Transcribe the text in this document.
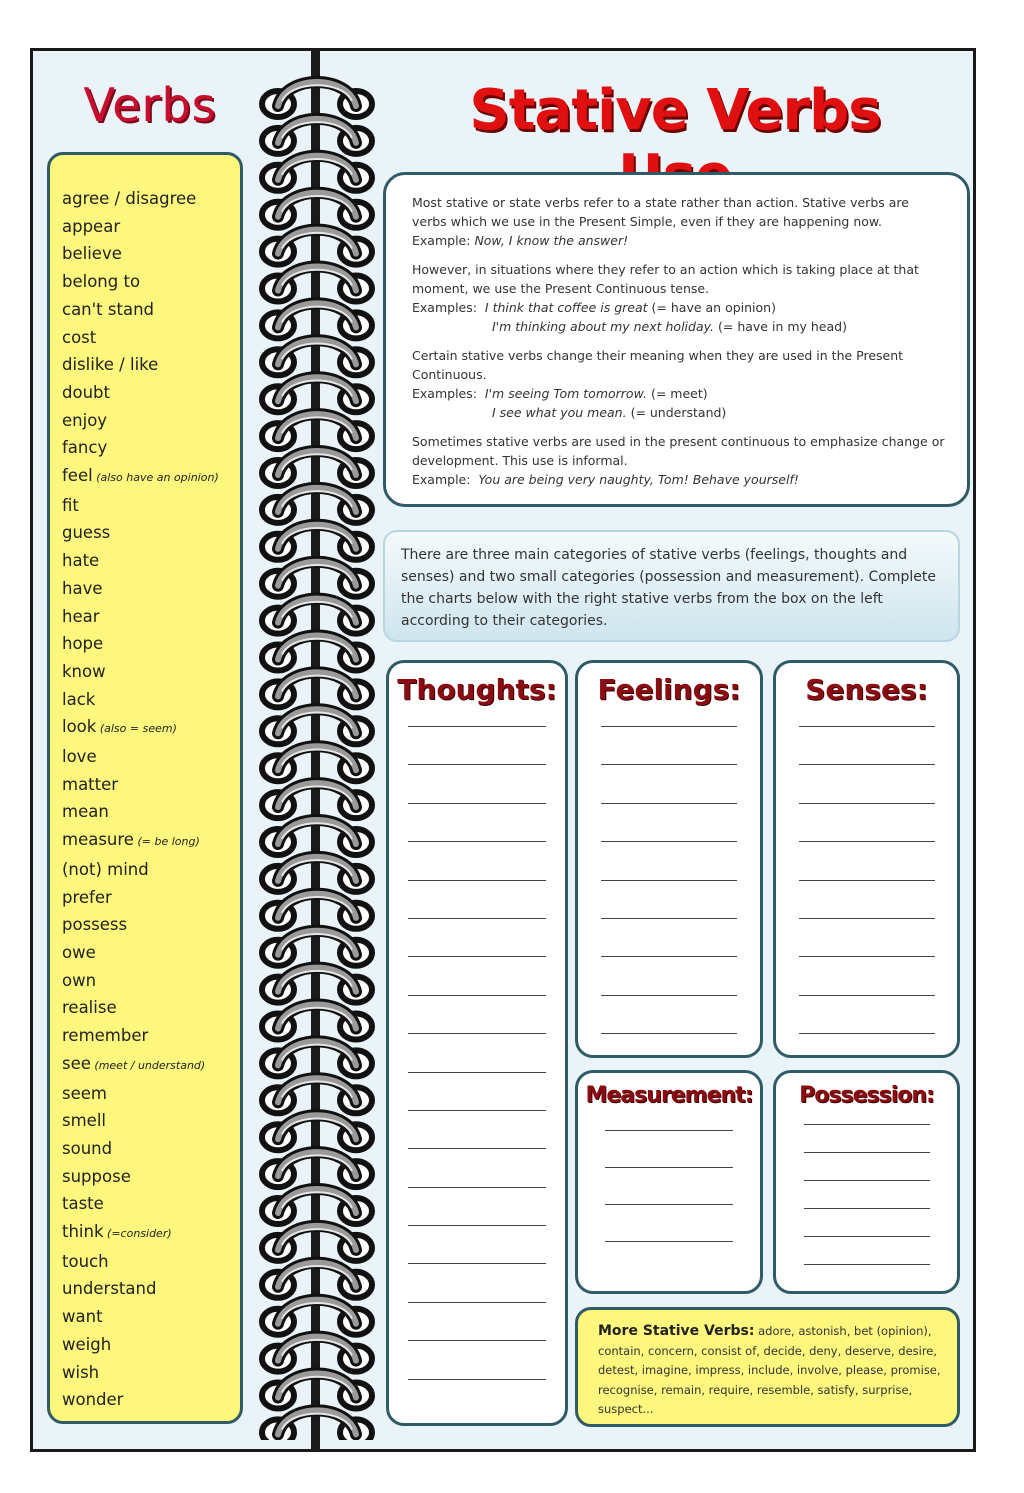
Verbs
agree / disagree
appear
believe
belong to
can't stand
cost
dislike / like
doubt
enjoy
fancy
feel (also have an opinion)
fit
guess
hate
have
hear
hope
know
lack
look (also = seem)
love
matter
mean
measure (= be long)
(not) mind
prefer
possess
owe
own
realise
remember
see (meet / understand)
seem
smell
sound
suppose
taste
think (=consider)
touch
understand
want
weigh
wish
wonder
Stative Verbs

Most stative or state verbs refer to a state rather than action. Stative verbs are verbs which we use in the Present Simple, even if they are happening now.    Example: Now, I know the answer!

However, in situations where they refer to an action which is taking place at that moment, we use the Present Continuous tense.

Examples: I think that coffee is great (= have an opinion)

I'm thinking about my next holiday. (= have in my head)

Certain stative verbs change their meaning when they are used in the Present Continuous.

Examples: I'm seeing Tom tomorrow. (= meet)

I see what you mean. (= understand)

Sometimes stative verbs are used in the present continuous to emphasize change or development. This use is informal.

Example: You are being very naughty, Tom! Behave yourself!
There are three main categories of stative verbs (feelings, thoughts and senses) and two small categories (possession and measurement). Complete the charts below with the right stative verbs from the box on the left according to their categories.
Thoughts:	Feelings:	Senses:
Measurement:	Possession:
More Stative Verbs: adore, astonish, bet (opinion), contain, concern, consist of, decide, deny, deserve, desire, detest, imagine, impress, include, involve, please, promise, recognise, remain, require, resemble, satisfy, surprise, suspect...
